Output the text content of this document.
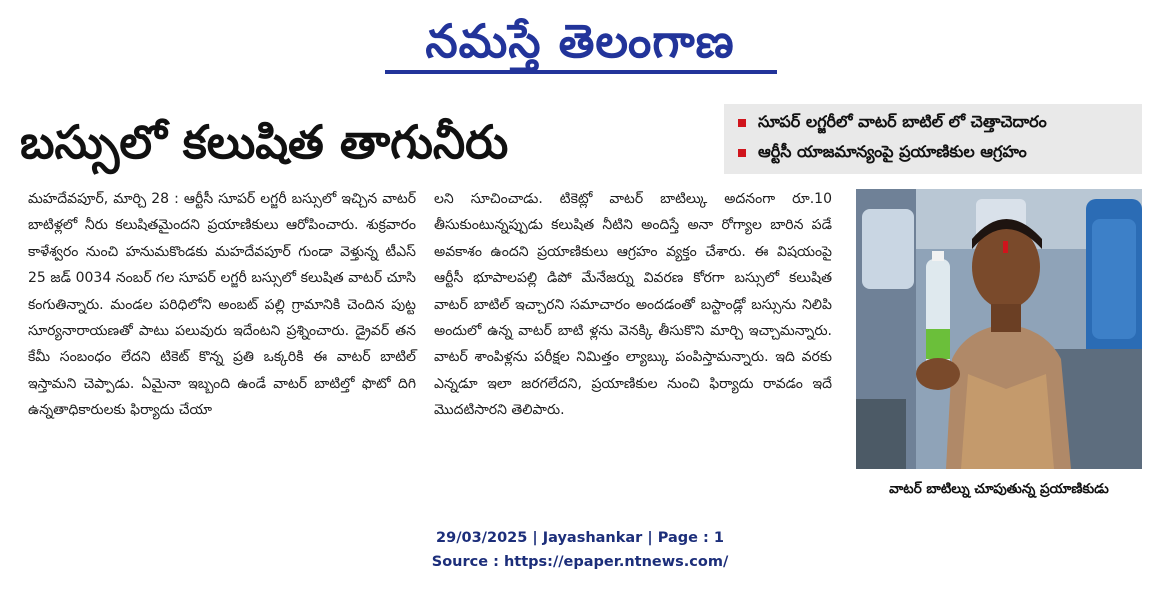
నమస్తే తెలంగాణ
బస్సులో కలుషిత తాగునీరు	సూపర్ లగ్జరీలో వాటర్ బాటిల్ లో చెత్తాచెదారం
ఆర్టీసీ యాజమాన్యంపై ప్రయాణికుల ఆగ్రహం

మహదేవపూర్, మార్చి 28 : ఆర్టీసీ సూపర్ లగ్జరీ బస్సులో ఇచ్చిన వాటర్ బాటిళ్లలో నీరు కలుషితమైందని ప్రయాణికులు ఆరోపించారు. శుక్రవారం కాళేశ్వరం నుంచి హనుమకొండకు మహదేవపూర్ గుండా వెళ్తున్న టీఎస్ 25 జడ్ 0034 నంబర్ గల సూపర్ లగ్జరీ బస్సులో కలుషిత వాటర్ చూసి కంగుతిన్నారు. మండల పరిధిలోని అంబట్ పల్లి గ్రామానికి చెందిన పుట్ట సూర్యనారాయణతో పాటు పలువురు ఇదేంటని ప్రశ్నించారు. డ్రైవర్ తన కేమీ సంబంధం లేదని టికెట్ కొన్న ప్రతి ఒక్కరికి ఈ వాటర్ బాటిల్ ఇస్తామని చెప్పాడు. ఏమైనా ఇబ్బంది ఉండే వాటర్ బాటిల్తో ఫొటో దిగి ఉన్నతాధికారులకు ఫిర్యాదు చేయా

లని సూచించాడు. టికెట్లో వాటర్ బాటిల్కు అదనంగా రూ.10 తీసుకుంటున్నప్పుడు కలుషిత నీటిని అందిస్తే అనా రోగ్యాల బారిన పడే అవకాశం ఉందని ప్రయాణికులు ఆగ్రహం వ్యక్తం చేశారు. ఈ విషయంపై ఆర్టీసీ భూపాలపల్లి డిపో మేనేజర్ను వివరణ కోరగా బస్సులో కలుషిత వాటర్ బాటిల్ ఇచ్చారని సమాచారం అందడంతో బస్టాండ్లో బస్సును నిలిపి అందులో ఉన్న వాటర్ బాటి ళ్లను వెనక్కి తీసుకొని మార్చి ఇచ్చామన్నారు. వాటర్ శాంపిళ్లను పరీక్షల నిమిత్తం ల్యాబ్కు పంపిస్తామన్నారు. ఇది వరకు ఎన్నడూ ఇలా జరగలేదని, ప్రయాణికుల నుంచి ఫిర్యాదు రావడం ఇదే మొదటిసారని తెలిపారు.

వాటర్ బాటిల్ను చూపుతున్న ప్రయాణికుడు
29/03/2025 | Jayashankar | Page : 1
Source : https://epaper.ntnews.com/
